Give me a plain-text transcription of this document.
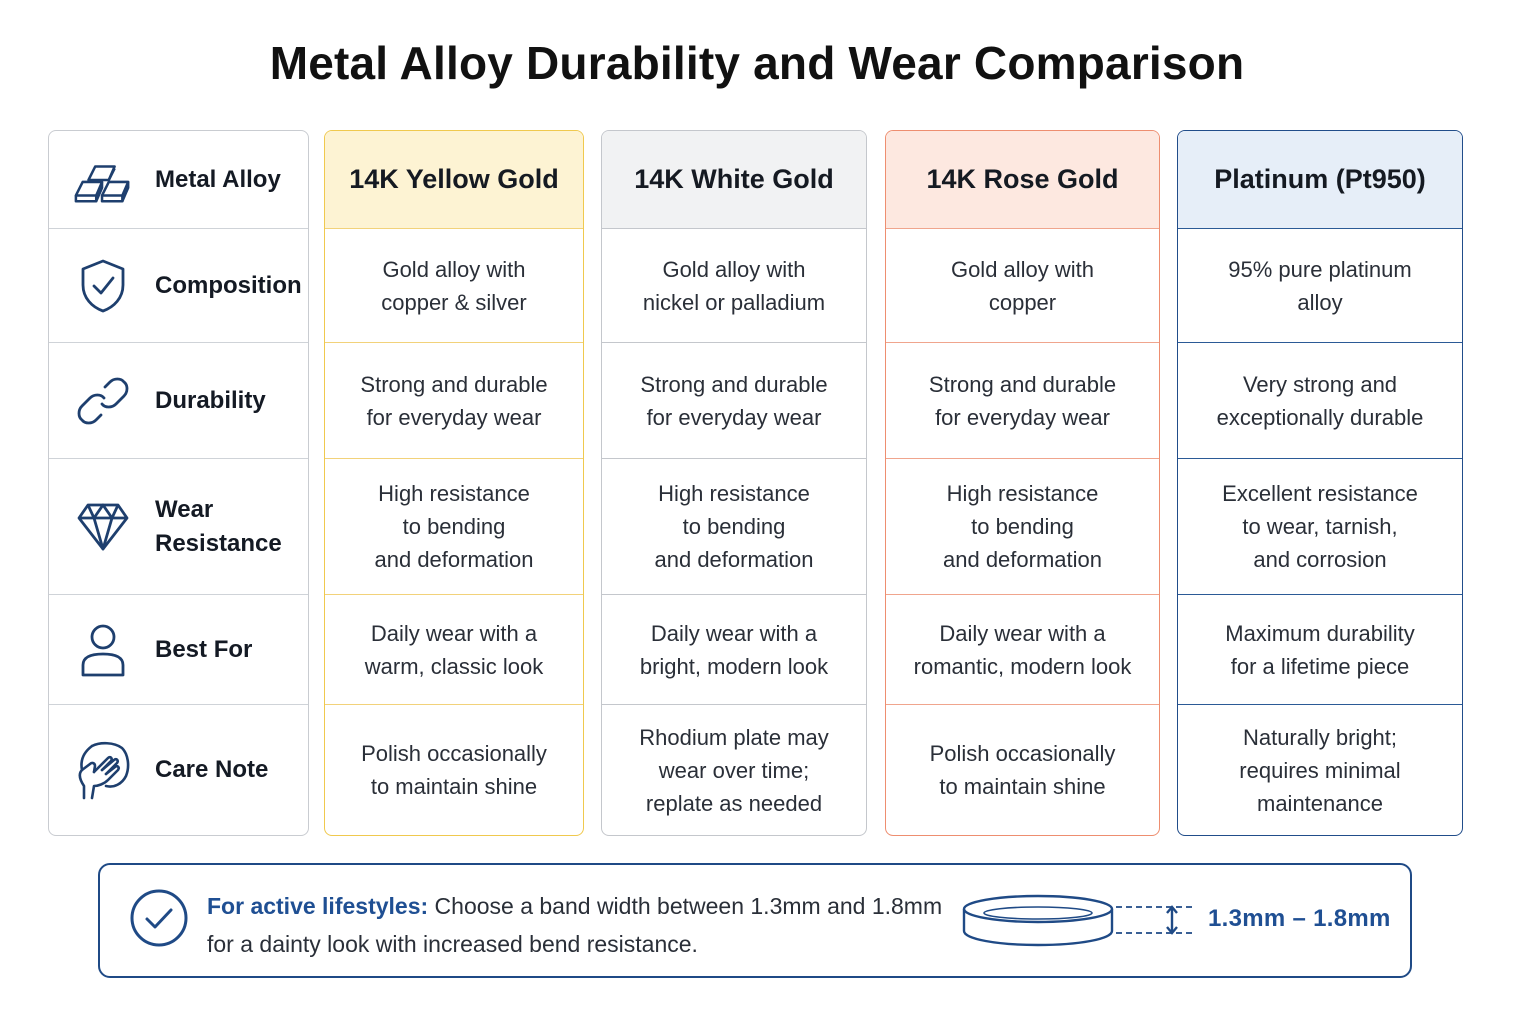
Metal Alloy Durability and Wear Comparison
Metal Alloy
Composition
Durability
Wear
Resistance
Best For
Care Note
14K Yellow Gold
Gold alloy with
copper & silver
Strong and durable
for everyday wear
High resistance
to bending
and deformation
Daily wear with a
warm, classic look
Polish occasionally
to maintain shine
14K White Gold
Gold alloy with
nickel or palladium
Strong and durable
for everyday wear
High resistance
to bending
and deformation
Daily wear with a
bright, modern look
Rhodium plate may
wear over time;
replate as needed
14K Rose Gold
Gold alloy with
copper
Strong and durable
for everyday wear
High resistance
to bending
and deformation
Daily wear with a
romantic, modern look
Polish occasionally
to maintain shine
Platinum (Pt950)
95% pure platinum
alloy
Very strong and
exceptionally durable
Excellent resistance
to wear, tarnish,
and corrosion
Maximum durability
for a lifetime piece
Naturally bright;
requires minimal
maintenance
For active lifestyles: Choose a band width between 1.3mm and 1.8mm
for a dainty look with increased bend resistance.
1.3mm – 1.8mm
